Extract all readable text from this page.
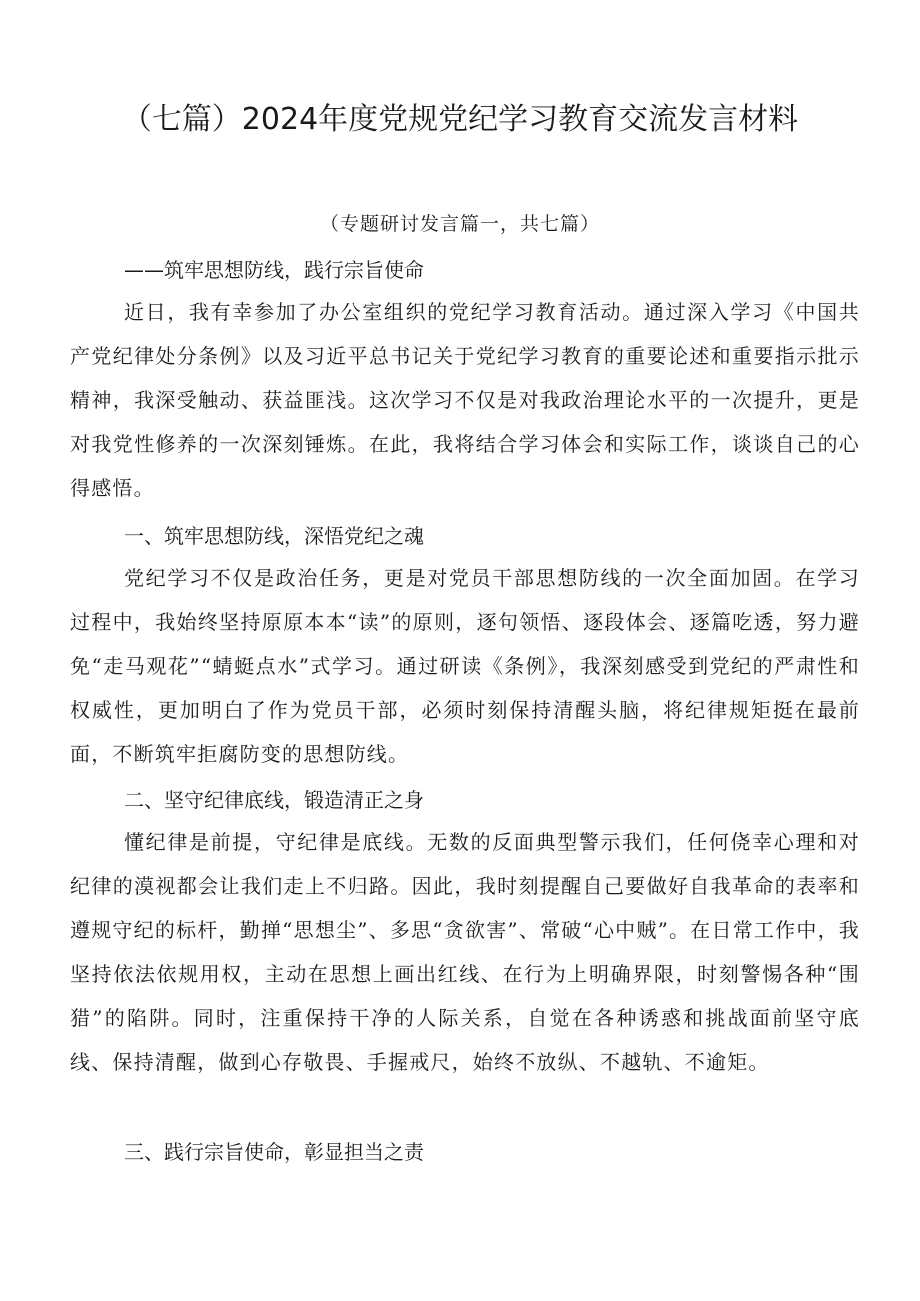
（七篇）2024年度党规党纪学习教育交流发言材料
（专题研讨发言篇一，共七篇）
——筑牢思想防线，践行宗旨使命

近日，我有幸参加了办公室组织的党纪学习教育活动。通过深入学习《中国共产党纪律处分条例》以及习近平总书记关于党纪学习教育的重要论述和重要指示批示精神，我深受触动、获益匪浅。这次学习不仅是对我政治理论水平的一次提升，更是对我党性修养的一次深刻锤炼。在此，我将结合学习体会和实际工作，谈谈自己的心得感悟。

一、筑牢思想防线，深悟党纪之魂

党纪学习不仅是政治任务，更是对党员干部思想防线的一次全面加固。在学习过程中，我始终坚持原原本本“读”的原则，逐句领悟、逐段体会、逐篇吃透，努力避免“走马观花”“蜻蜓点水”式学习。通过研读《条例》，我深刻感受到党纪的严肃性和权威性，更加明白了作为党员干部，必须时刻保持清醒头脑，将纪律规矩挺在最前面，不断筑牢拒腐防变的思想防线。

二、坚守纪律底线，锻造清正之身

懂纪律是前提，守纪律是底线。无数的反面典型警示我们，任何侥幸心理和对纪律的漠视都会让我们走上不归路。因此，我时刻提醒自己要做好自我革命的表率和遵规守纪的标杆，勤掸“思想尘”、多思“贪欲害”、常破“心中贼”。在日常工作中，我坚持依法依规用权，主动在思想上画出红线、在行为上明确界限，时刻警惕各种“围猎”的陷阱。同时，注重保持干净的人际关系，自觉在各种诱惑和挑战面前坚守底线、保持清醒，做到心存敬畏、手握戒尺，始终不放纵、不越轨、不逾矩。

三、践行宗旨使命，彰显担当之责
